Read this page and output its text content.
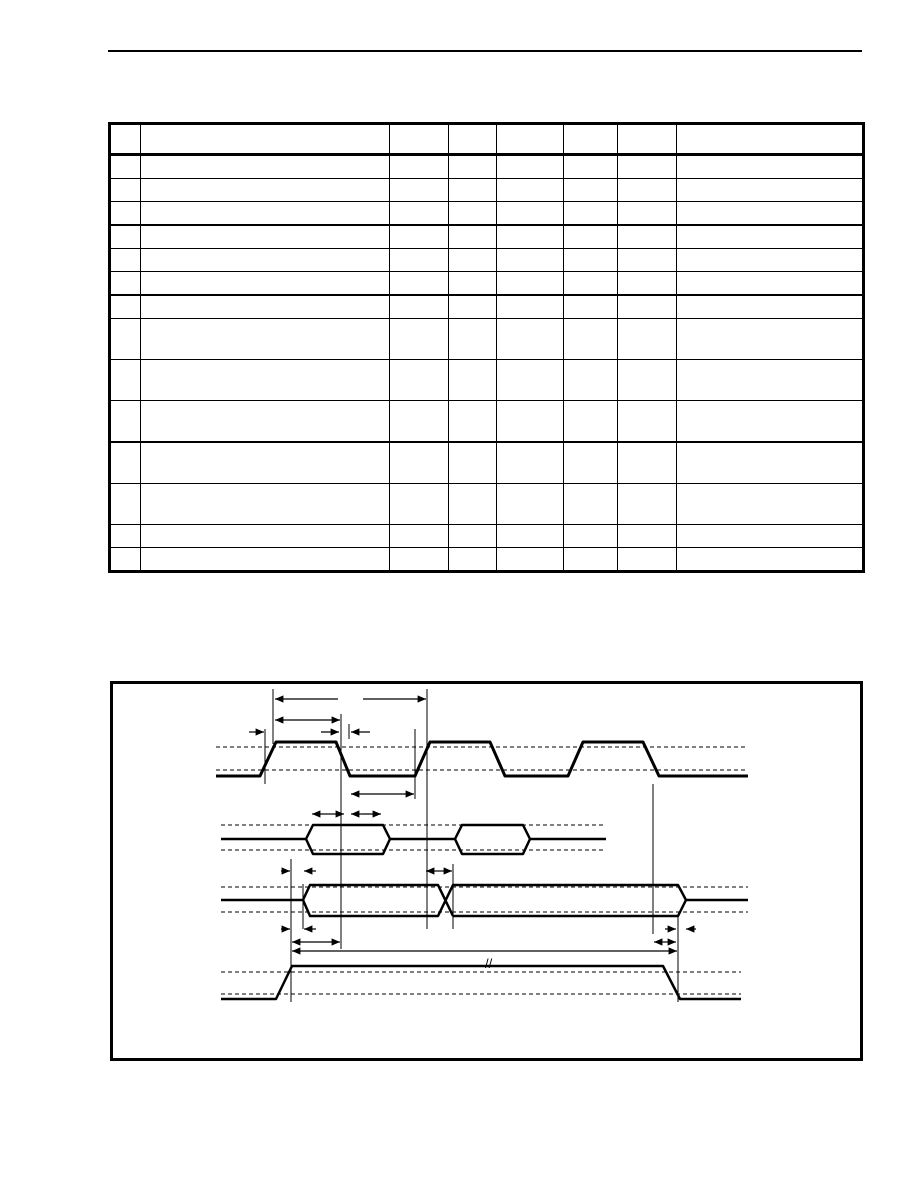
//
